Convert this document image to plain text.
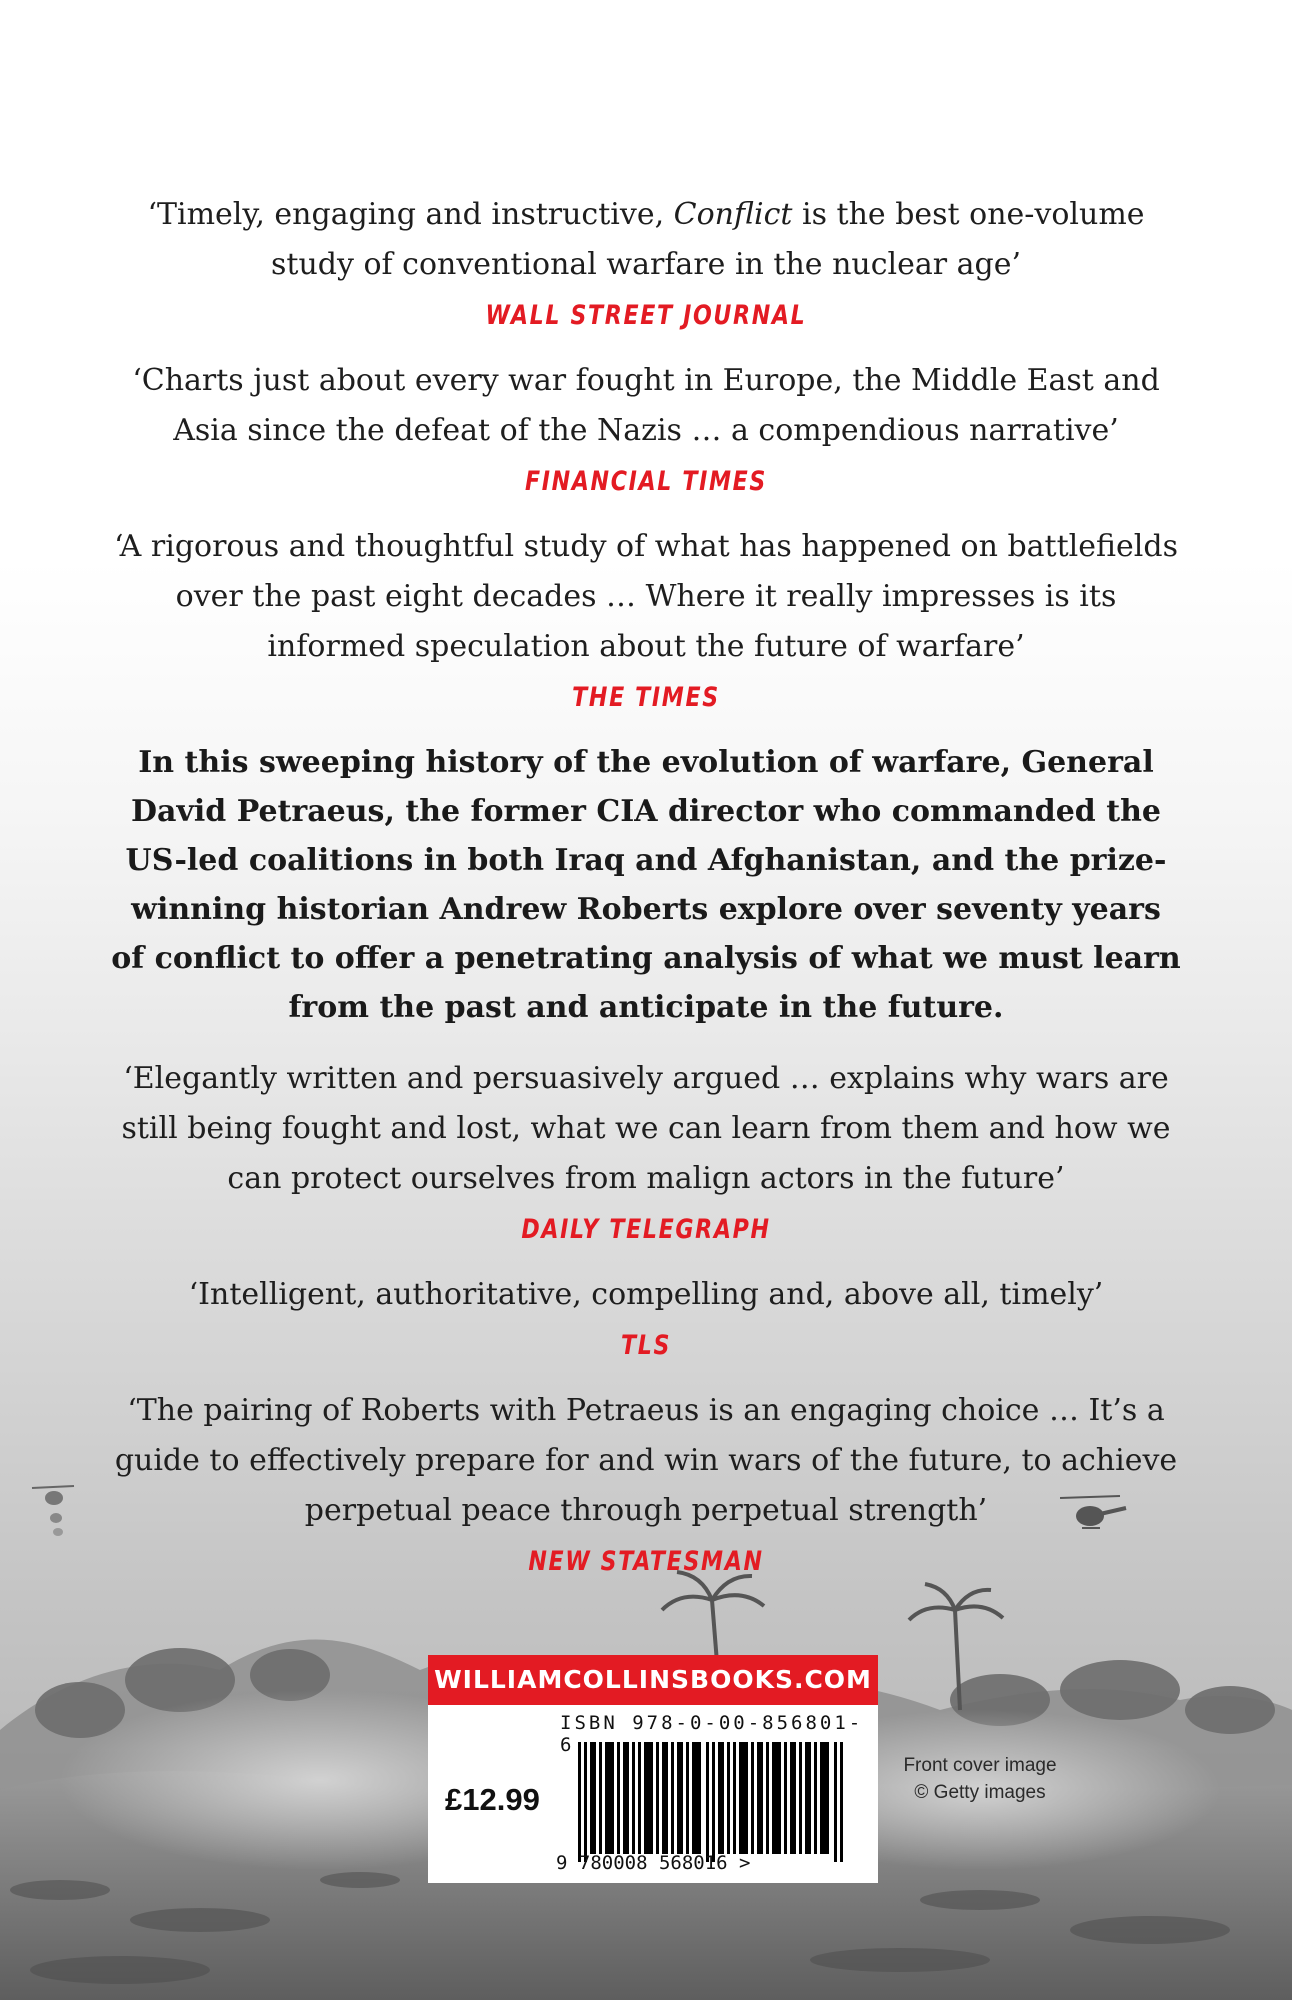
‘Timely, engaging and instructive, Conflict is the best one-volume study of conventional warfare in the nuclear age’

WALL STREET JOURNAL

‘Charts just about every war fought in Europe, the Middle East and Asia since the defeat of the Nazis … a compendious narrative’

FINANCIAL TIMES

‘A rigorous and thoughtful study of what has happened on battlefields over the past eight decades … Where it really impresses is its informed speculation about the future of warfare’

THE TIMES

In this sweeping history of the evolution of warfare, General David Petraeus, the former CIA director who commanded the US-led coalitions in both Iraq and Afghanistan, and the prize-winning historian Andrew Roberts explore over seventy years of conflict to offer a penetrating analysis of what we must learn from the past and anticipate in the future.

‘Elegantly written and persuasively argued … explains why wars are still being fought and lost, what we can learn from them and how we can protect ourselves from malign actors in the future’

DAILY TELEGRAPH

‘Intelligent, authoritative, compelling and, above all, timely’

TLS

‘The pairing of Roberts with Petraeus is an engaging choice … It’s a guide to effectively prepare for and win wars of the future, to achieve perpetual peace through perpetual strength’

NEW STATESMAN
WILLIAMCOLLINSBOOKS.COM
ISBN 978-0-00-856801-6
£12.99
9 780008 568016 >
Front cover image
© Getty images
